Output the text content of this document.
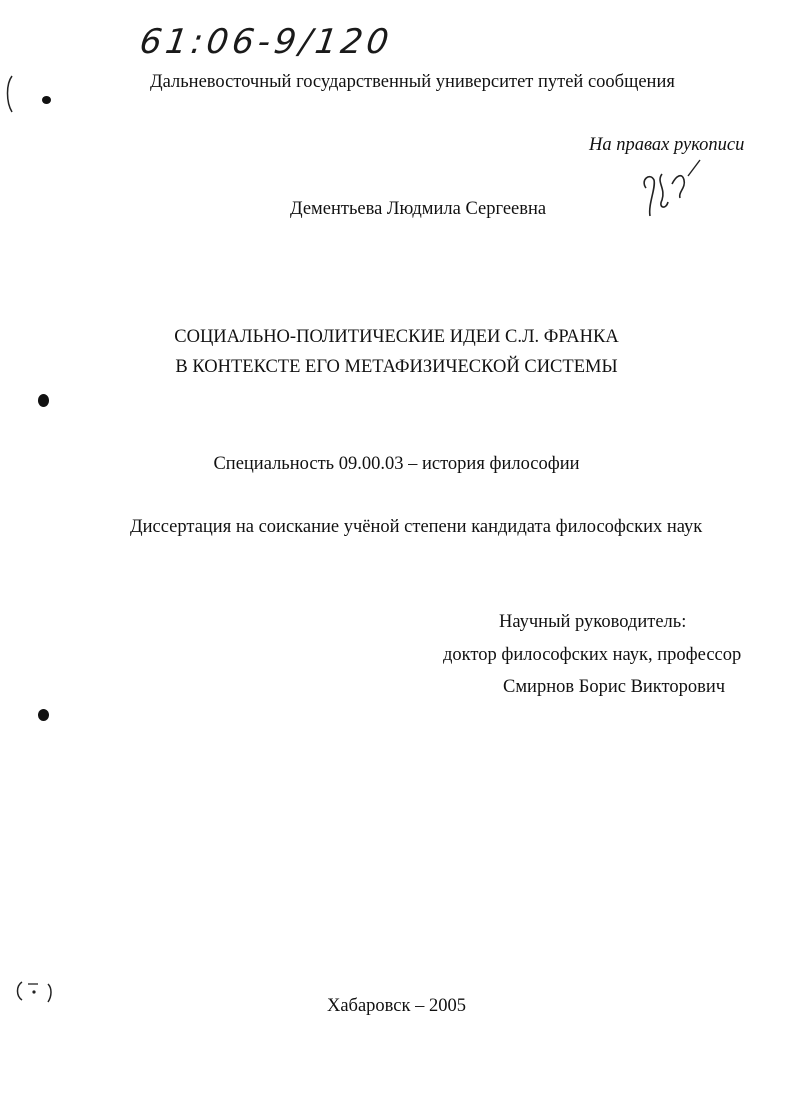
61:06-9/120
Дальневосточный государственный университет путей сообщения
На правах рукописи
Дементьева Людмила Сергеевна
СОЦИАЛЬНО-ПОЛИТИЧЕСКИЕ ИДЕИ С.Л. ФРАНКА
В КОНТЕКСТЕ ЕГО МЕТАФИЗИЧЕСКОЙ СИСТЕМЫ
Специальность 09.00.03 – история философии
Диссертация на соискание учёной степени кандидата философских наук
Научный руководитель:
доктор философских наук, профессор
Смирнов Борис Викторович
Хабаровск – 2005
